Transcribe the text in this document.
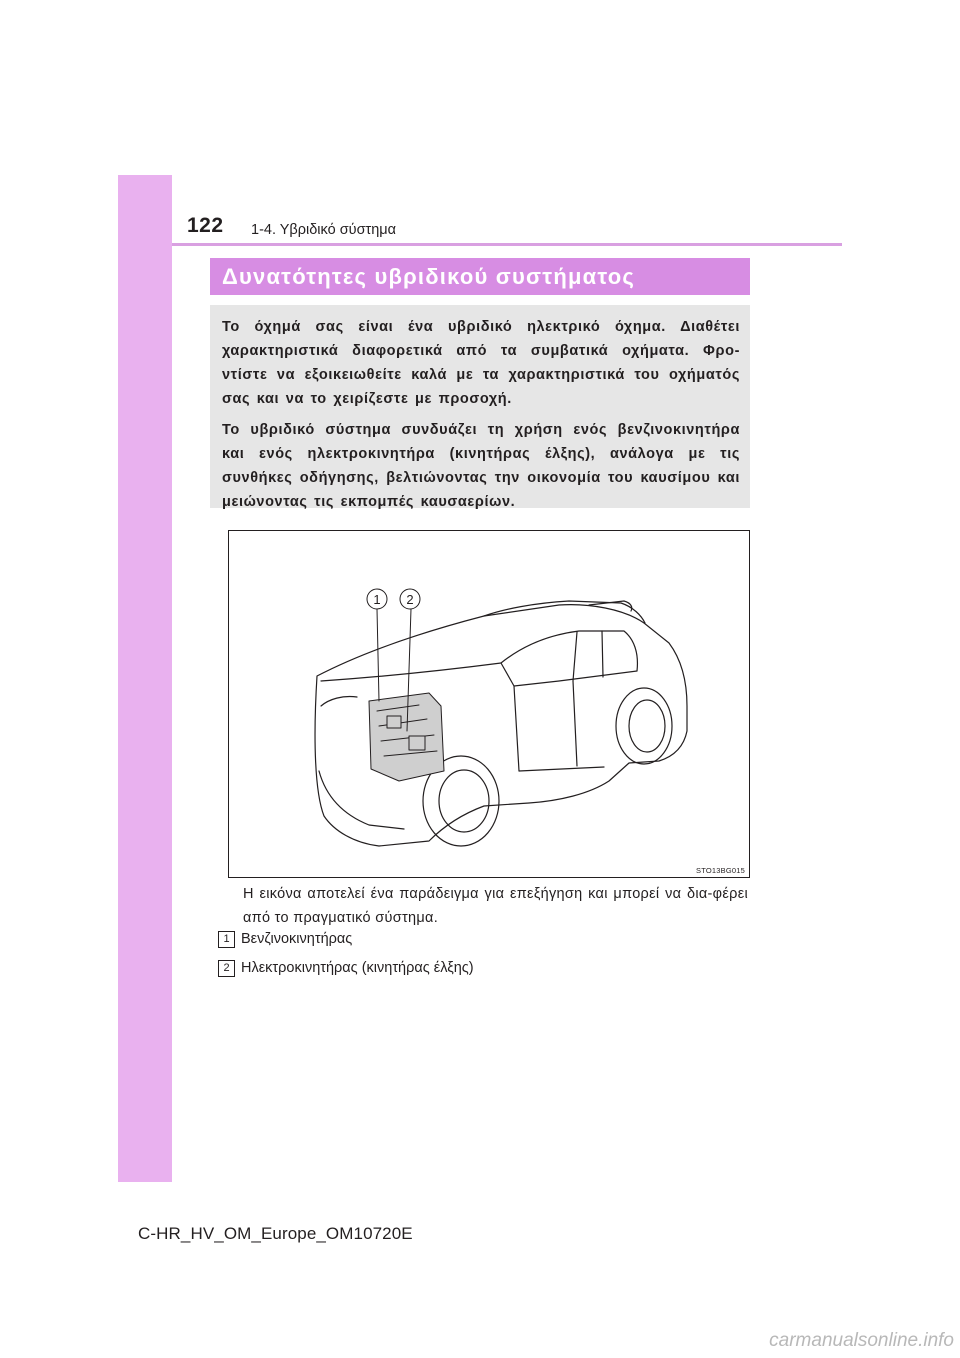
122 1-4. Υβριδικό σύστημα
Δυνατότητες υβριδικού συστήματος

Το όχημά σας είναι ένα υβριδικό ηλεκτρικό όχημα. Διαθέτει χαρακτηριστικά διαφορετικά από τα συμβατικά οχήματα. Φρο-ντίστε να εξοικειωθείτε καλά με τα χαρακτηριστικά του οχήματός σας και να το χειρίζεστε με προσοχή.

Το υβριδικό σύστημα συνδυάζει τη χρήση ενός βενζινοκινητήρα και ενός ηλεκτροκινητήρα (κινητήρας έλξης), ανάλογα με τις συνθήκες οδήγησης, βελτιώνοντας την οικονομία του καυσίμου και μειώνοντας τις εκπομπές καυσαερίων.

1 2
STO13BG015
Η εικόνα αποτελεί ένα παράδειγμα για επεξήγηση και μπορεί να δια-φέρει από το πραγματικό σύστημα.
1 Βενζινοκινητήρας
2 Ηλεκτροκινητήρας (κινητήρας έλξης)
C-HR_HV_OM_Europe_OM10720E
carmanualsonline.info
